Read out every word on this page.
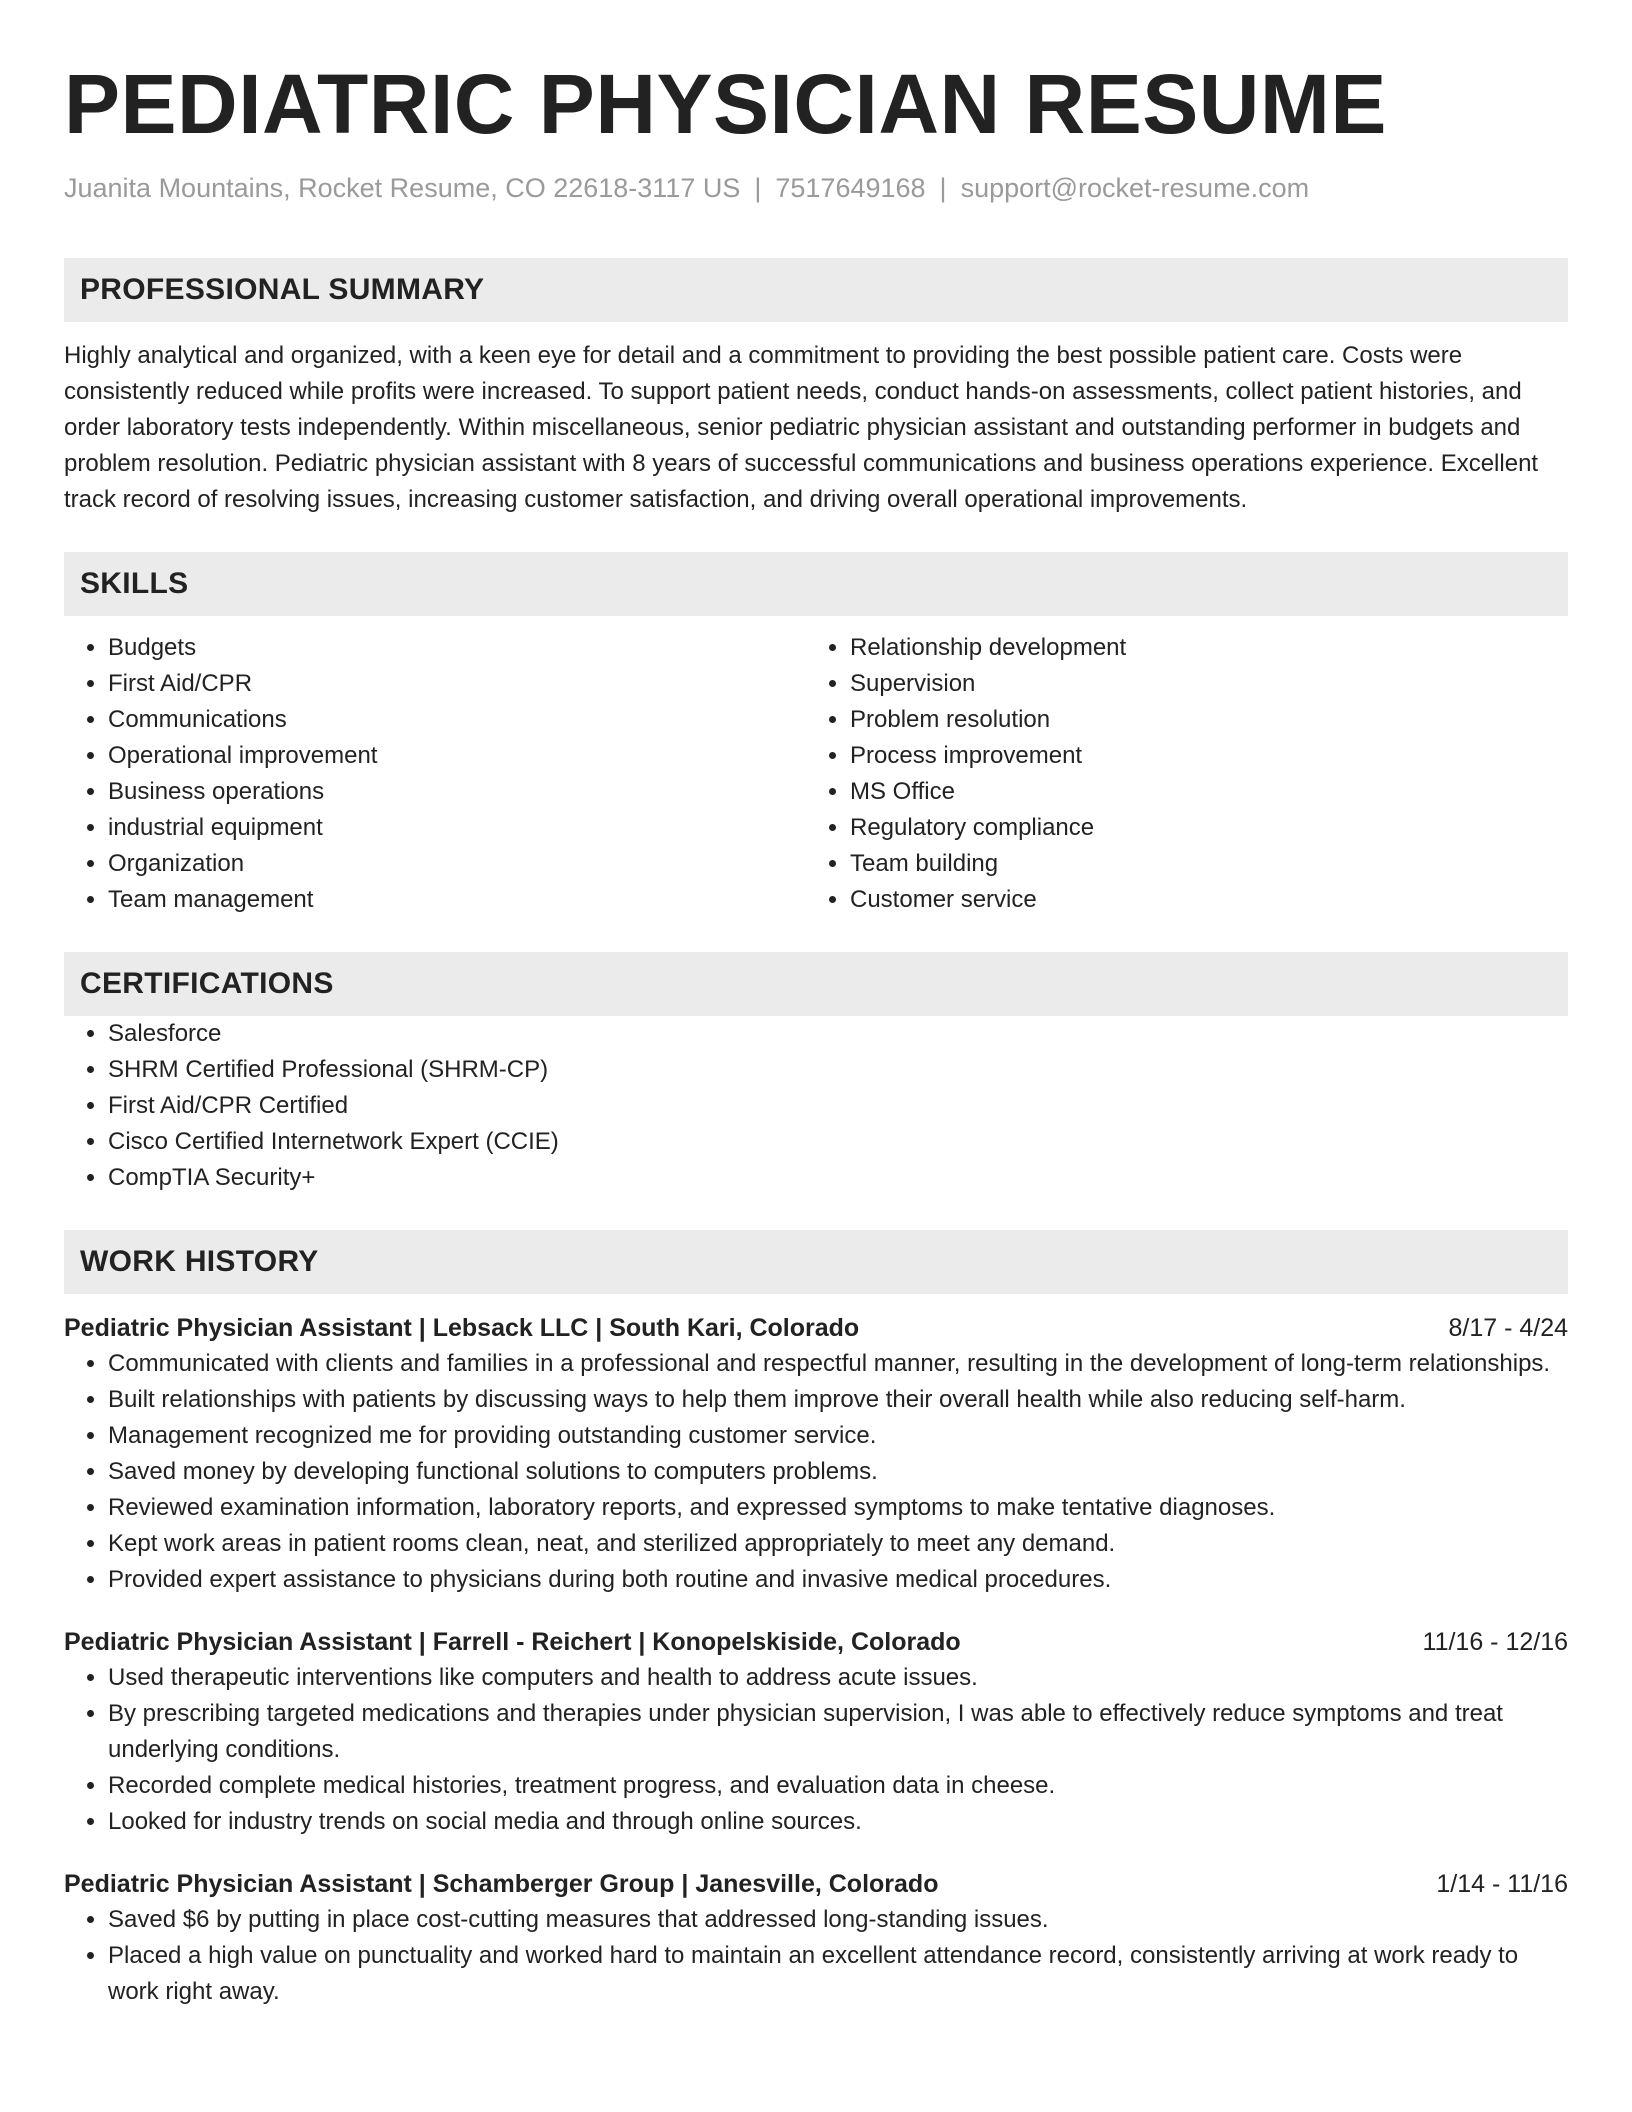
PEDIATRIC PHYSICIAN RESUME
Juanita Mountains, Rocket Resume, CO 22618-3117 US | 7517649168 | support@rocket-resume.com
PROFESSIONAL SUMMARY
Highly analytical and organized, with a keen eye for detail and a commitment to providing the best possible patient care. Costs were consistently reduced while profits were increased. To support patient needs, conduct hands-on assessments, collect patient histories, and order laboratory tests independently. Within miscellaneous, senior pediatric physician assistant and outstanding performer in budgets and problem resolution. Pediatric physician assistant with 8 years of successful communications and business operations experience. Excellent track record of resolving issues, increasing customer satisfaction, and driving overall operational improvements.
SKILLS
• Budgets
• First Aid/CPR
• Communications
• Operational improvement
• Business operations
• industrial equipment
• Organization
• Team management
• Relationship development
• Supervision
• Problem resolution
• Process improvement
• MS Office
• Regulatory compliance
• Team building
• Customer service
CERTIFICATIONS
• Salesforce
• SHRM Certified Professional (SHRM-CP)
• First Aid/CPR Certified
• Cisco Certified Internetwork Expert (CCIE)
• CompTIA Security+
WORK HISTORY
Pediatric Physician Assistant | Lebsack LLC | South Kari, Colorado	8/17 - 4/24
• Communicated with clients and families in a professional and respectful manner, resulting in the development of long-term relationships.
• Built relationships with patients by discussing ways to help them improve their overall health while also reducing self-harm.
• Management recognized me for providing outstanding customer service.
• Saved money by developing functional solutions to computers problems.
• Reviewed examination information, laboratory reports, and expressed symptoms to make tentative diagnoses.
• Kept work areas in patient rooms clean, neat, and sterilized appropriately to meet any demand.
• Provided expert assistance to physicians during both routine and invasive medical procedures.
Pediatric Physician Assistant | Farrell - Reichert | Konopelskiside, Colorado	11/16 - 12/16
• Used therapeutic interventions like computers and health to address acute issues.
• By prescribing targeted medications and therapies under physician supervision, I was able to effectively reduce symptoms and treat underlying conditions.
• Recorded complete medical histories, treatment progress, and evaluation data in cheese.
• Looked for industry trends on social media and through online sources.
Pediatric Physician Assistant | Schamberger Group | Janesville, Colorado	1/14 - 11/16
• Saved $6 by putting in place cost-cutting measures that addressed long-standing issues.
• Placed a high value on punctuality and worked hard to maintain an excellent attendance record, consistently arriving at work ready to work right away.
